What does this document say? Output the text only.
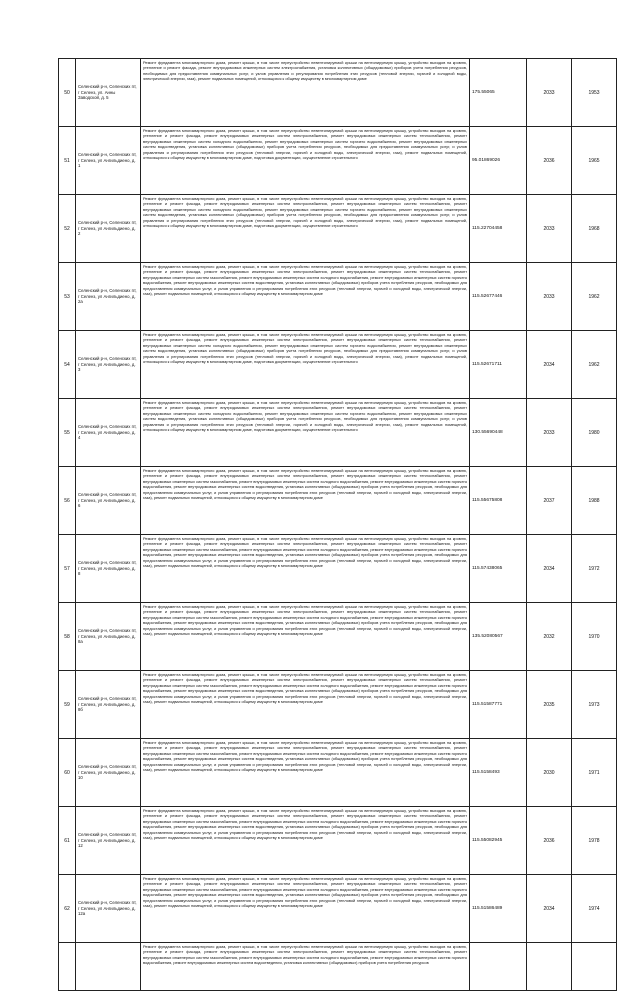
50	Селенский р-н, Селенских пт, г Селенз, ул. Анны Заводской, д. 5	Ремонт фундамента многоквартирного дома, ремонт крыши, в том числе переустройство невентилируемой крыши на вентилируемую крышу, устройство выходов на кровлю, утепление и ремонт фасада, ремонт внутридомовых инженерных систем электроснабжения, установка коллективных (общедомовых) приборов учета потребления ресурсов, необходимых для предоставления коммунальных услуг, и узлов управления и регулирования потребления этих ресурсов (тепловой энергии, горячей и холодной воды, электрической энергии, газа), ремонт подвальных помещений, относящихся к общему имуществу в многоквартирном доме	175.55065	2033	1953

51	Селенский р-н, Селенских пт, г Селенз, ул Ангильдиено, д. 1	Ремонт фундамента многоквартирного дома, ремонт крыши, в том числе переустройство невентилируемой крыши на вентилируемую крышу, устройство выходов на кровлю, утепление и ремонт фасада, ремонт внутридомовых инженерных систем электроснабжения, ремонт внутридомовых инженерных систем теплоснабжения, ремонт внутридомовых инженерных систем холодного водоснабжения, ремонт внутридомовых инженерных систем горячего водоснабжения, ремонт внутридомовых инженерных систем водоотведения, установка коллективных (общедомовых) приборов учета потребления ресурсов, необходимых для предоставления коммунальных услуг, и узлов управления и регулирования потребления этих ресурсов (тепловой энергии, горячей и холодной воды, электрической энергии, газа), ремонт подвальных помещений, относящихся к общему имуществу в многоквартирном доме, подготовка документации, осуществление строительного	95.01869026	2036	1965

52	Селенский р-н, Селенских пт, г Селенз, ул Ангильдиено, д. 2	Ремонт фундамента многоквартирного дома, ремонт крыши, в том числе переустройство невентилируемой крыши на вентилируемую крышу, устройство выходов на кровлю, утепление и ремонт фасада, ремонт внутридомовых инженерных систем электроснабжения, ремонт внутридомовых инженерных систем теплоснабжения, ремонт внутридомовых инженерных систем холодного водоснабжения, ремонт внутридомовых инженерных систем горячего водоснабжения, ремонт внутридомовых инженерных систем водоотведения, установка коллективных (общедомовых) приборов учета потребления ресурсов, необходимых для предоставления коммунальных услуг, и узлов управления и регулирования потребления этих ресурсов (тепловой энергии, горячей и холодной воды, электрической энергии, газа), ремонт подвальных помещений, относящихся к общему имуществу в многоквартирном доме, подготовка документации, осуществление строительного	115.22704458	2033	1968

53	Селенский р-н, Селенских пт, г Селенз, ул Ангильдиено, д. 2а	Ремонт фундамента многоквартирного дома, ремонт крыши, в том числе переустройство невентилируемой крыши на вентилируемую крышу, устройство выходов на кровлю, утепление и ремонт фасада, ремонт внутридомовых инженерных систем электроснабжения, ремонт внутридомовых инженерных систем теплоснабжения, ремонт внутридомовых инженерных систем газоснабжения, ремонт внутридомовых инженерных систем холодного водоснабжения, ремонт внутридомовых инженерных систем горячего водоснабжения, ремонт внутридомовых инженерных систем водоотведения, установка коллективных (общедомовых) приборов учета потребления ресурсов, необходимых для предоставления коммунальных услуг, и узлов управления и регулирования потребления этих ресурсов (тепловой энергии, горячей и холодной воды, электрической энергии, газа), ремонт подвальных помещений, относящихся к общему имуществу в многоквартирном доме	115.52677446	2033	1962

54	Селенский р-н, Селенских пт, г Селенз, ул Ангильдиено, д. 3	Ремонт фундамента многоквартирного дома, ремонт крыши, в том числе переустройство невентилируемой крыши на вентилируемую крышу, устройство выходов на кровлю, утепление и ремонт фасада, ремонт внутридомовых инженерных систем электроснабжения, ремонт внутридомовых инженерных систем теплоснабжения, ремонт внутридомовых инженерных систем холодного водоснабжения, ремонт внутридомовых инженерных систем горячего водоснабжения, ремонт внутридомовых инженерных систем водоотведения, установка коллективных (общедомовых) приборов учета потребления ресурсов, необходимых для предоставления коммунальных услуг, и узлов управления и регулирования потребления этих ресурсов (тепловой энергии, горячей и холодной воды, электрической энергии, газа), ремонт подвальных помещений, относящихся к общему имуществу в многоквартирном доме, подготовка документации, осуществление строительного	115.52671711	2034	1962

55	Селенский р-н, Селенских пт, г Селенз, ул Ангильдиено, д. 4	Ремонт фундамента многоквартирного дома, ремонт крыши, в том числе переустройство невентилируемой крыши на вентилируемую крышу, устройство выходов на кровлю, утепление и ремонт фасада, ремонт внутридомовых инженерных систем электроснабжения, ремонт внутридомовых инженерных систем теплоснабжения, ремонт внутридомовых инженерных систем холодного водоснабжения, ремонт внутридомовых инженерных систем горячего водоснабжения, ремонт внутридомовых инженерных систем водоотведения, установка коллективных (общедомовых) приборов учета потребления ресурсов, необходимых для предоставления коммунальных услуг, и узлов управления и регулирования потребления этих ресурсов (тепловой энергии, горячей и холодной воды, электрической энергии, газа), ремонт подвальных помещений, относящихся к общему имуществу в многоквартирном доме, подготовка документации, осуществление строительного	130.55690448	2033	1980

56	Селенский р-н, Селенских пт, г Селенз, ул Ангильдиено, д. 6	Ремонт фундамента многоквартирного дома, ремонт крыши, в том числе переустройство невентилируемой крыши на вентилируемую крышу, устройство выходов на кровлю, утепление и ремонт фасада, ремонт внутридомовых инженерных систем электроснабжения, ремонт внутридомовых инженерных систем теплоснабжения, ремонт внутридомовых инженерных систем газоснабжения, ремонт внутридомовых инженерных систем холодного водоснабжения, ремонт внутридомовых инженерных систем горячего водоснабжения, ремонт внутридомовых инженерных систем водоотведения, установка коллективных (общедомовых) приборов учета потребления ресурсов, необходимых для предоставления коммунальных услуг, и узлов управления и регулирования потребления этих ресурсов (тепловой энергии, горячей и холодной воды, электрической энергии, газа), ремонт подвальных помещений, относящихся к общему имуществу в многоквартирном доме	115.55675808	2037	1988

57	Селенский р-н, Селенских пт, г Селенз, ул Ангильдиено, д. 8	Ремонт фундамента многоквартирного дома, ремонт крыши, в том числе переустройство невентилируемой крыши на вентилируемую крышу, устройство выходов на кровлю, утепление и ремонт фасада, ремонт внутридомовых инженерных систем электроснабжения, ремонт внутридомовых инженерных систем теплоснабжения, ремонт внутридомовых инженерных систем газоснабжения, ремонт внутридомовых инженерных систем холодного водоснабжения, ремонт внутридомовых инженерных систем горячего водоснабжения, ремонт внутридомовых инженерных систем водоотведения, установка коллективных (общедомовых) приборов учета потребления ресурсов, необходимых для предоставления коммунальных услуг, и узлов управления и регулирования потребления этих ресурсов (тепловой энергии, горячей и холодной воды, электрической энергии, газа), ремонт подвальных помещений, относящихся к общему имуществу в многоквартирном доме	115.57438065	2034	1972

58	Селенский р-н, Селенских пт, г Селенз, ул Ангильдиено, д. 8а	Ремонт фундамента многоквартирного дома, ремонт крыши, в том числе переустройство невентилируемой крыши на вентилируемую крышу, устройство выходов на кровлю, утепление и ремонт фасада, ремонт внутридомовых инженерных систем электроснабжения, ремонт внутридомовых инженерных систем теплоснабжения, ремонт внутридомовых инженерных систем газоснабжения, ремонт внутридомовых инженерных систем холодного водоснабжения, ремонт внутридомовых инженерных систем горячего водоснабжения, ремонт внутридомовых инженерных систем водоотведения, установка коллективных (общедомовых) приборов учета потребления ресурсов, необходимых для предоставления коммунальных услуг, и узлов управления и регулирования потребления этих ресурсов (тепловой энергии, горячей и холодной воды, электрической энергии, газа), ремонт подвальных помещений, относящихся к общему имуществу в многоквартирном доме	135.52080567	2032	1970

59	Селенский р-н, Селенских пт, г Селенз, ул Ангильдиено, д. 8б	Ремонт фундамента многоквартирного дома, ремонт крыши, в том числе переустройство невентилируемой крыши на вентилируемую крышу, устройство выходов на кровлю, утепление и ремонт фасада, ремонт внутридомовых инженерных систем электроснабжения, ремонт внутридомовых инженерных систем теплоснабжения, ремонт внутридомовых инженерных систем газоснабжения, ремонт внутридомовых инженерных систем холодного водоснабжения, ремонт внутридомовых инженерных систем горячего водоснабжения, ремонт внутридомовых инженерных систем водоотведения, установка коллективных (общедомовых) приборов учета потребления ресурсов, необходимых для предоставления коммунальных услуг, и узлов управления и регулирования потребления этих ресурсов (тепловой энергии, горячей и холодной воды, электрической энергии, газа), ремонт подвальных помещений, относящихся к общему имуществу в многоквартирном доме	115.51587771	2035	1973

60	Селенский р-н, Селенских пт, г Селенз, ул Ангильдиено, д. 10	Ремонт фундамента многоквартирного дома, ремонт крыши, в том числе переустройство невентилируемой крыши на вентилируемую крышу, устройство выходов на кровлю, утепление и ремонт фасада, ремонт внутридомовых инженерных систем электроснабжения, ремонт внутридомовых инженерных систем теплоснабжения, ремонт внутридомовых инженерных систем газоснабжения, ремонт внутридомовых инженерных систем холодного водоснабжения, ремонт внутридомовых инженерных систем горячего водоснабжения, ремонт внутридомовых инженерных систем водоотведения, установка коллективных (общедомовых) приборов учета потребления ресурсов, необходимых для предоставления коммунальных услуг, и узлов управления и регулирования потребления этих ресурсов (тепловой энергии, горячей и холодной воды, электрической энергии, газа), ремонт подвальных помещений, относящихся к общему имуществу в многоквартирном доме	115.5158493	2030	1971

61	Селенский р-н, Селенских пт, г Селенз, ул Ангильдиено, д. 12	Ремонт фундамента многоквартирного дома, ремонт крыши, в том числе переустройство невентилируемой крыши на вентилируемую крышу, устройство выходов на кровлю, утепление и ремонт фасада, ремонт внутридомовых инженерных систем электроснабжения, ремонт внутридомовых инженерных систем теплоснабжения, ремонт внутридомовых инженерных систем газоснабжения, ремонт внутридомовых инженерных систем холодного водоснабжения, ремонт внутридомовых инженерных систем горячего водоснабжения, ремонт внутридомовых инженерных систем водоотведения, установка коллективных (общедомовых) приборов учета потребления ресурсов, необходимых для предоставления коммунальных услуг, и узлов управления и регулирования потребления этих ресурсов (тепловой энергии, горячей и холодной воды, электрической энергии, газа), ремонт подвальных помещений, относящихся к общему имуществу в многоквартирном доме	115.55082945	2036	1978

62	Селенский р-н, Селенских пт, г Селенз, ул Ангильдиено, д. 12а	Ремонт фундамента многоквартирного дома, ремонт крыши, в том числе переустройство невентилируемой крыши на вентилируемую крышу, устройство выходов на кровлю, утепление и ремонт фасада, ремонт внутридомовых инженерных систем электроснабжения, ремонт внутридомовых инженерных систем теплоснабжения, ремонт внутридомовых инженерных систем газоснабжения, ремонт внутридомовых инженерных систем холодного водоснабжения, ремонт внутридомовых инженерных систем горячего водоснабжения, ремонт внутридомовых инженерных систем водоотведения, установка коллективных (общедомовых) приборов учета потребления ресурсов, необходимых для предоставления коммунальных услуг, и узлов управления и регулирования потребления этих ресурсов (тепловой энергии, горячей и холодной воды, электрической энергии, газа), ремонт подвальных помещений, относящихся к общему имуществу в многоквартирном доме	115.51586489	2034	1974

		Ремонт фундамента многоквартирного дома, ремонт крыши, в том числе переустройство невентилируемой крыши на вентилируемую крышу, устройство выходов на кровлю, утепление и ремонт фасада, ремонт внутридомовых инженерных систем электроснабжения, ремонт внутридомовых инженерных систем теплоснабжения, ремонт внутридомовых инженерных систем газоснабжения, ремонт внутридомовых инженерных систем холодного водоснабжения, ремонт внутридомовых инженерных систем горячего водоснабжения, ремонт внутридомовых инженерных систем водоотведения, установка коллективных (общедомовых) приборов учета потребления ресурсов			
